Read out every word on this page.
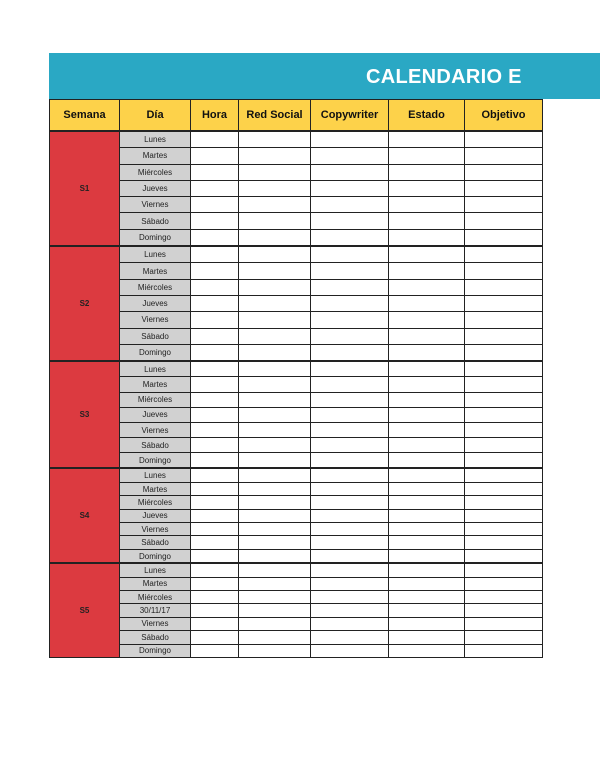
CALENDARIO E
Semana	Día	Hora	Red Social	Copywriter	Estado	Objetivo
S1	Lunes					
	Martes					
	Miércoles					
	Jueves					
	Viernes					
	Sábado					
	Domingo					
S2	Lunes					
	Martes					
	Miércoles					
	Jueves					
	Viernes					
	Sábado					
	Domingo					
S3	Lunes					
	Martes					
	Miércoles					
	Jueves					
	Viernes					
	Sábado					
	Domingo					
S4	Lunes					
	Martes					
	Miércoles					
	Jueves					
	Viernes					
	Sábado					
	Domingo					
S5	Lunes					
	Martes					
	Miércoles					
	30/11/17					
	Viernes					
	Sábado					
	Domingo					
